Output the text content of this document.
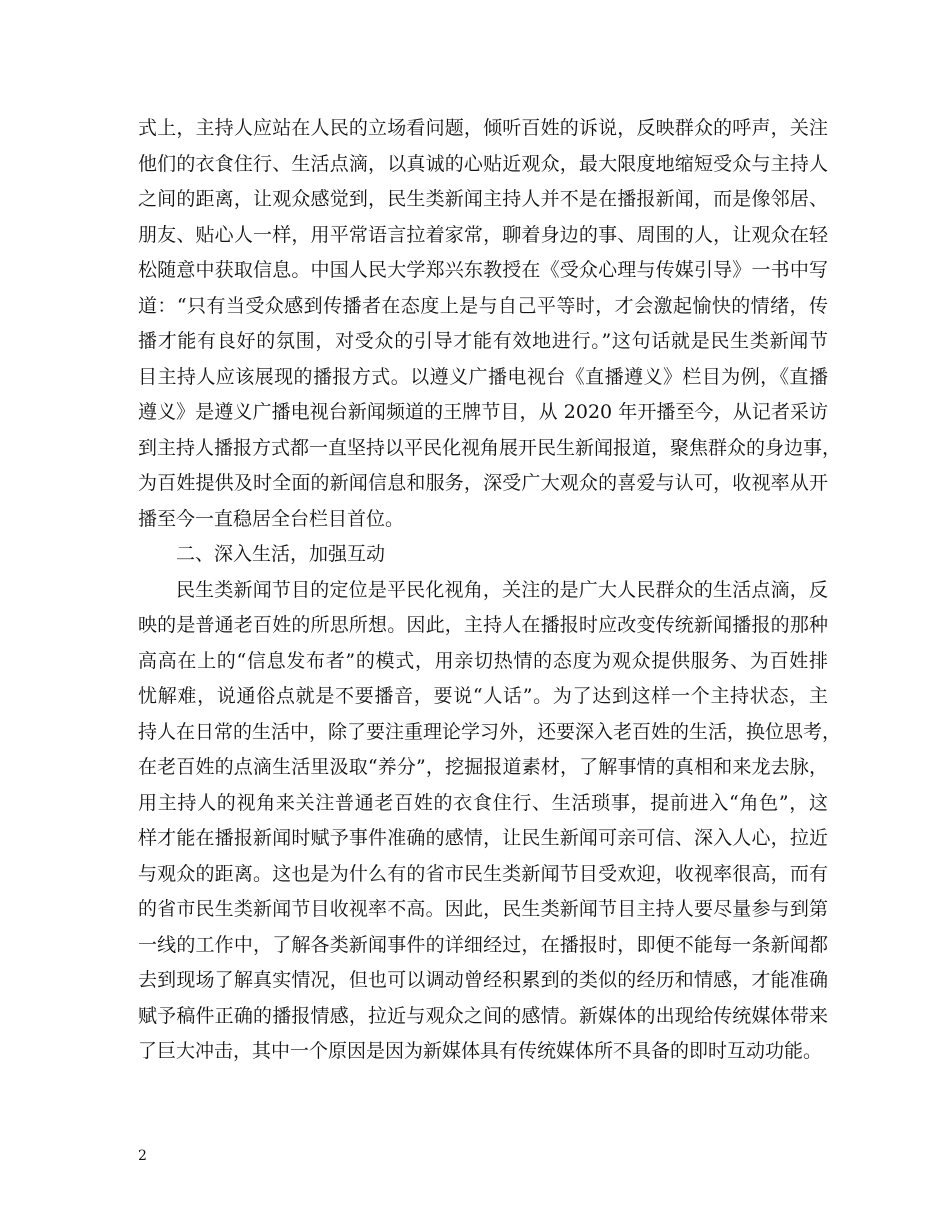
式上，主持人应站在人民的立场看问题，倾听百姓的诉说，反映群众的呼声，关注
他们的衣食住行、生活点滴，以真诚的心贴近观众，最大限度地缩短受众与主持人
之间的距离，让观众感觉到，民生类新闻主持人并不是在播报新闻，而是像邻居、
朋友、贴心人一样，用平常语言拉着家常，聊着身边的事、周围的人，让观众在轻
松随意中获取信息。中国人民大学郑兴东教授在《受众心理与传媒引导》一书中写
道：“只有当受众感到传播者在态度上是与自己平等时，才会激起愉快的情绪，传
播才能有良好的氛围，对受众的引导才能有效地进行。”这句话就是民生类新闻节
目主持人应该展现的播报方式。以遵义广播电视台《直播遵义》栏目为例，《直播
遵义》是遵义广播电视台新闻频道的王牌节目，从 2020 年开播至今，从记者采访
到主持人播报方式都一直坚持以平民化视角展开民生新闻报道，聚焦群众的身边事，
为百姓提供及时全面的新闻信息和服务，深受广大观众的喜爱与认可，收视率从开
播至今一直稳居全台栏目首位。
二、深入生活，加强互动
民生类新闻节目的定位是平民化视角，关注的是广大人民群众的生活点滴，反
映的是普通老百姓的所思所想。因此，主持人在播报时应改变传统新闻播报的那种
高高在上的“信息发布者”的模式，用亲切热情的态度为观众提供服务、为百姓排
忧解难，说通俗点就是不要播音，要说“人话”。为了达到这样一个主持状态，主
持人在日常的生活中，除了要注重理论学习外，还要深入老百姓的生活，换位思考，
在老百姓的点滴生活里汲取“养分”，挖掘报道素材，了解事情的真相和来龙去脉，
用主持人的视角来关注普通老百姓的衣食住行、生活琐事，提前进入“角色”，这
样才能在播报新闻时赋予事件准确的感情，让民生新闻可亲可信、深入人心，拉近
与观众的距离。这也是为什么有的省市民生类新闻节目受欢迎，收视率很高，而有
的省市民生类新闻节目收视率不高。因此，民生类新闻节目主持人要尽量参与到第
一线的工作中，了解各类新闻事件的详细经过，在播报时，即便不能每一条新闻都
去到现场了解真实情况，但也可以调动曾经积累到的类似的经历和情感，才能准确
赋予稿件正确的播报情感，拉近与观众之间的感情。新媒体的出现给传统媒体带来
了巨大冲击，其中一个原因是因为新媒体具有传统媒体所不具备的即时互动功能。
2
